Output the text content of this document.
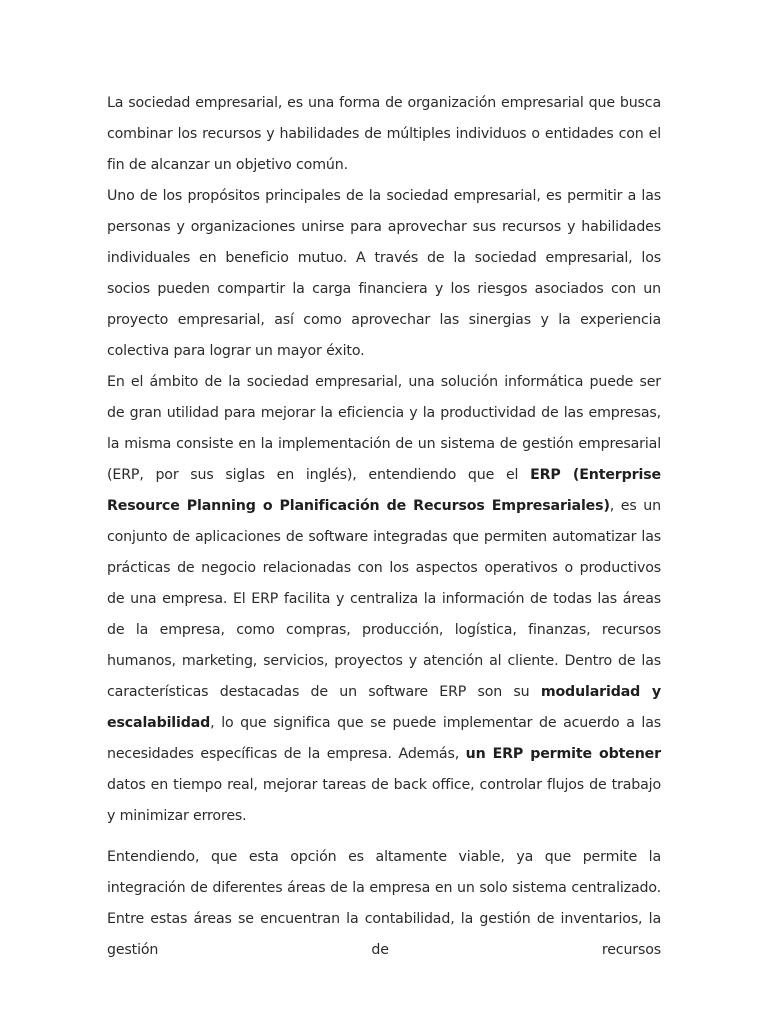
La sociedad empresarial, es una forma de organización empresarial que busca combinar los recursos y habilidades de múltiples individuos o entidades con el fin de alcanzar un objetivo común.

Uno de los propósitos principales de la sociedad empresarial, es permitir a las personas y organizaciones unirse para aprovechar sus recursos y habilidades individuales en beneficio mutuo. A través de la sociedad empresarial, los socios pueden compartir la carga financiera y los riesgos asociados con un proyecto empresarial, así como aprovechar las sinergias y la experiencia colectiva para lograr un mayor éxito.

En el ámbito de la sociedad empresarial, una solución informática puede ser de gran utilidad para mejorar la eficiencia y la productividad de las empresas, la misma consiste en la implementación de un sistema de gestión empresarial (ERP, por sus siglas en inglés), entendiendo que el ERP (Enterprise Resource Planning o Planificación de Recursos Empresariales), es un conjunto de aplicaciones de software integradas que permiten automatizar las prácticas de negocio relacionadas con los aspectos operativos o productivos de una empresa. El ERP facilita y centraliza la información de todas las áreas de la empresa, como compras, producción, logística, finanzas, recursos humanos, marketing, servicios, proyectos y atención al cliente. Dentro de las características destacadas de un software ERP son su modularidad y escalabilidad, lo que significa que se puede implementar de acuerdo a las necesidades específicas de la empresa. Además, un ERP permite obtener datos en tiempo real, mejorar tareas de back office, controlar flujos de trabajo y minimizar errores.

Entendiendo, que esta opción es altamente viable, ya que permite la integración de diferentes áreas de la empresa en un solo sistema centralizado. Entre estas áreas se encuentran la contabilidad, la gestión de inventarios, la gestión de recursos
